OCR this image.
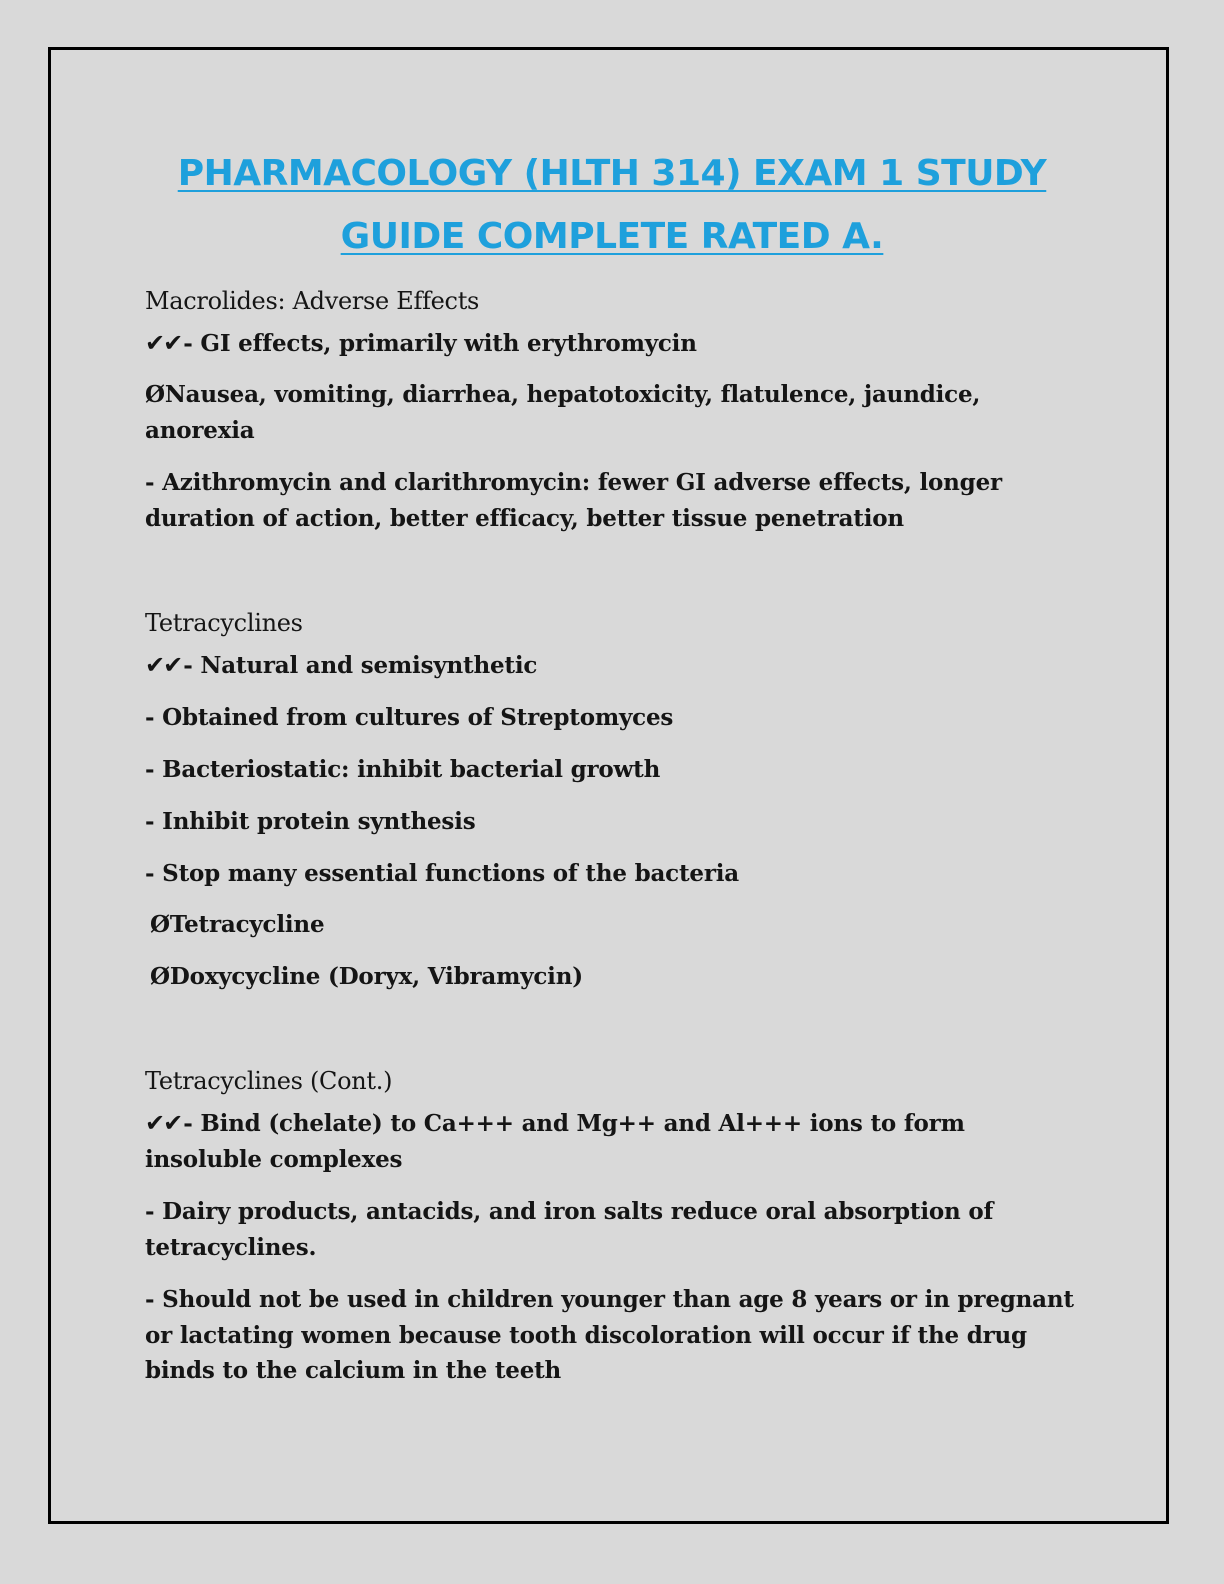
PHARMACOLOGY (HLTH 314) EXAM 1 STUDY
GUIDE COMPLETE RATED A.

Macrolides: Adverse Effects

✔✔- GI effects, primarily with erythromycin

ØNausea, vomiting, diarrhea, hepatotoxicity, flatulence, jaundice,

anorexia

- Azithromycin and clarithromycin: fewer GI adverse effects, longer

duration of action, better efficacy, better tissue penetration

Tetracyclines

✔✔- Natural and semisynthetic

- Obtained from cultures of Streptomyces

- Bacteriostatic: inhibit bacterial growth

- Inhibit protein synthesis

- Stop many essential functions of the bacteria

ØTetracycline

ØDoxycycline (Doryx, Vibramycin)

Tetracyclines (Cont.)

✔✔- Bind (chelate) to Ca+++ and Mg++ and Al+++ ions to form

insoluble complexes

- Dairy products, antacids, and iron salts reduce oral absorption of

tetracyclines.

- Should not be used in children younger than age 8 years or in pregnant

or lactating women because tooth discoloration will occur if the drug

binds to the calcium in the teeth
